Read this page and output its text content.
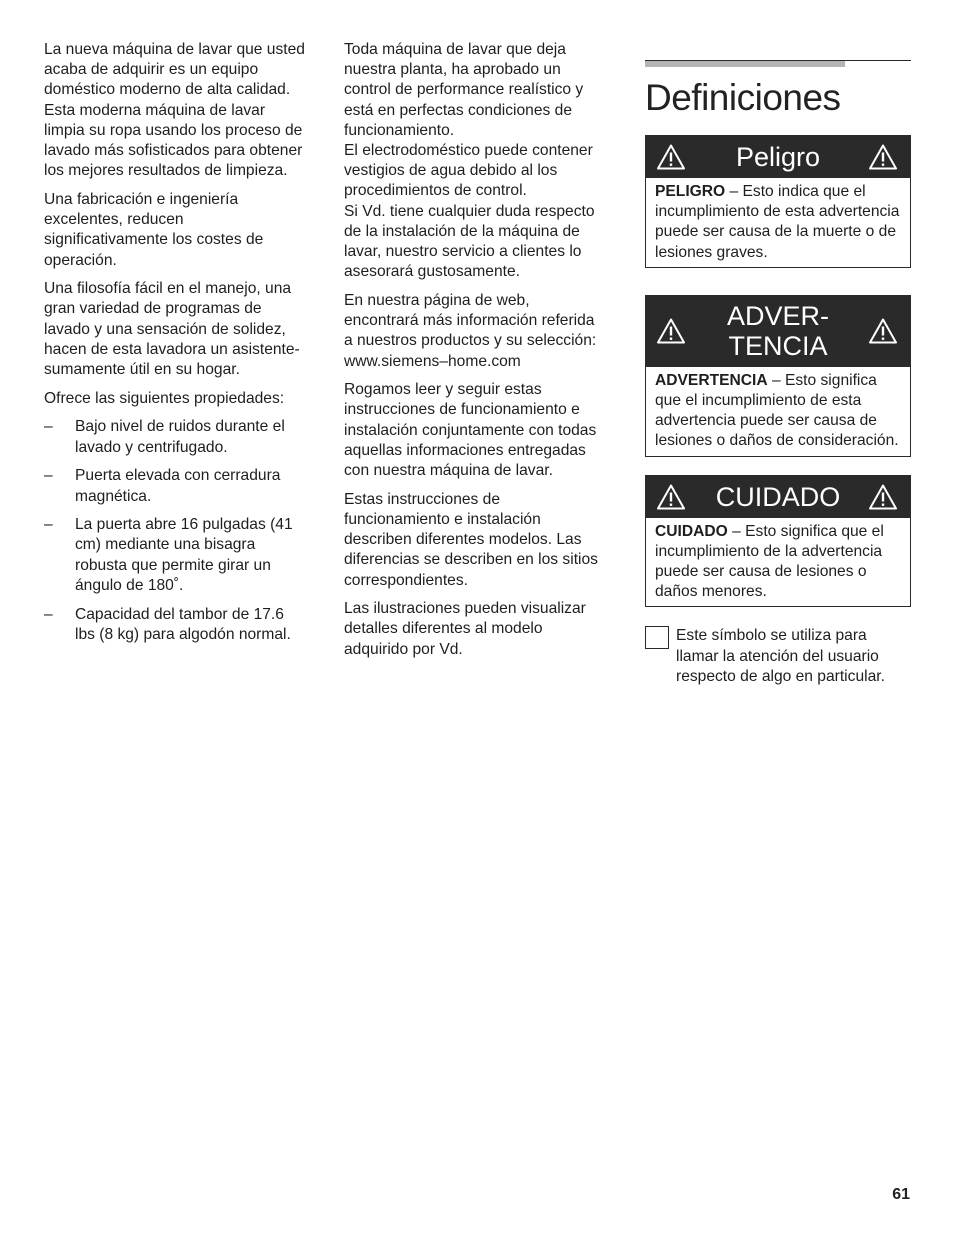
La nueva máquina de lavar que usted acaba de adquirir es un equipo doméstico moderno de alta calidad.

Esta moderna máquina de lavar limpia su ropa usando los proceso de lavado más sofisticados para obtener los mejores resultados de limpieza.

Una fabricación e ingeniería excelentes, reducen significativamente los costes de operación.

Una filosofía fácil en el manejo, una gran variedad de programas de lavado y una sensación de solidez, hacen de esta lavadora un asistente-sumamente útil en su hogar.

Ofrece las siguientes propiedades:

– Bajo nivel de ruidos durante el lavado y centrifugado.
– Puerta elevada con cerradura magnética.
– La puerta abre 16 pulgadas (41 cm) mediante una bisagra robusta que permite girar un ángulo de 180˚.
– Capacidad del tambor de 17.6 lbs (8 kg) para algodón normal.

Toda máquina de lavar que deja nuestra planta, ha aprobado un control de performance realístico y está en perfectas condiciones de funcionamiento.

El electrodoméstico puede contener vestigios de agua debido al los procedimientos de control.

Si Vd. tiene cualquier duda respecto de la instalación de la máquina de lavar, nuestro servicio a clientes lo asesorará gustosamente.

En nuestra página de web, encontrará más información referida a nuestros productos y su selección:
www.siemens–home.com

Rogamos leer y seguir estas instrucciones de funcionamiento e instalación conjuntamente con todas aquellas informaciones entregadas con nuestra máquina de lavar.

Estas instrucciones de funcionamiento e instalación describen diferentes modelos. Las diferencias se describen en los sitios correspondientes.

Las ilustraciones pueden visualizar detalles diferentes al modelo adquirido por Vd.

Definiciones
Peligro
PELIGRO – Esto indica que el incumplimiento de esta advertencia puede ser causa de la muerte o de lesiones graves.
ADVER-
TENCIA
ADVERTENCIA – Esto significa que el incumplimiento de esta advertencia puede ser causa de lesiones o daños de consideración.
CUIDADO
CUIDADO – Esto significa que el incumplimiento de la advertencia puede ser causa de lesiones o daños menores.
Este símbolo se utiliza para llamar la atención del usuario respecto de algo en particular.
61
